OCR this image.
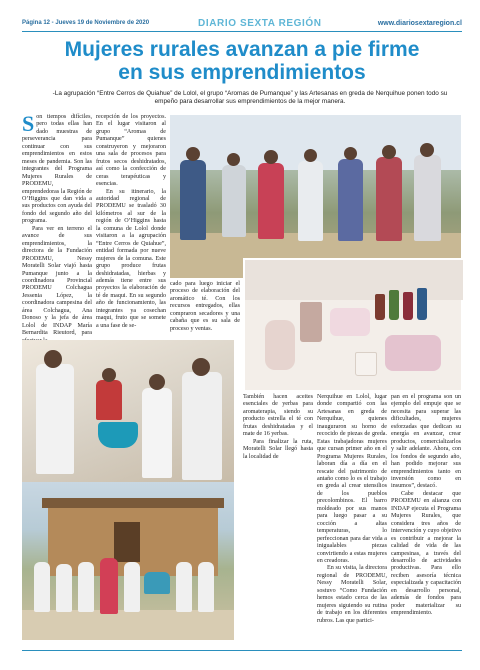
Página 12 - Jueves 19 de Noviembre de 2020	DIARIO SEXTA REGIÓN	www.diariosextaregion.cl
Mujeres rurales avanzan a pie firme
en sus emprendimientos
-La agrupación “Entre Cerros de Quiahue” de Lolol, el grupo “Aromas de Pumanque” y las Artesanas en greda de Nerquihue ponen todo su empeño para desarrollar sus emprendimientos de la mejor manera.

Son tiempos difíciles, pero todas ellas han dado muestras de perseverancia para continuar con sus emprendimientos en estos meses de pandemia. Son las integrantes del Programa Mujeres Rurales de PRODEMU, emprendedoras la Región de O’Higgins que dan vida a sus productos con ayuda del fondo del segundo año del programa.

Para ver en terreno el avance de sus emprendimientos, la directora de la Fundación PRODEMU, Nessy Moratelli Solar viajó hasta Pumanque junto a la coordinadora Provincial PRODEMU Colchagua Jessenia López, la coordinadora campesina del área Colchagua, Ana Donoso y la jefa de área Lolol de INDAP María Bernardita Rieutord, para

recepción de los proyectos. En el lugar visitaron al grupo “Aromas de Pumanque” quienes construyeron y mejoraron una sala de procesos para frutos secos deshidratados, así como la confección de ceras terapéuticas y esencias.

En su itinerario, la autoridad regional de PRODEMU se trasladó 30 kilómetros al sur de la región de O’Higgins hasta la comuna de Lolol donde visitaron a la agrupación “Entre Cerros de Quiahue”, entidad formada por nueve mujeres de la comuna. Este grupo produce frutas deshidratadas, hierbas y además tiene entre sus proyectos la elaboración de té de maqui. En su segundo año de funcionamiento, las integrantes ya cosechan maqui, fruto que se somete a una fase de se-

cado para luego iniciar el proceso de elaboración del aromático té. Con los recursos entregados, ellas compraron secadores y una cabaña que es su sala de proceso y ventas.

También hacen aceites esenciales de yerbas para aromaterapia, siendo su producto estrella el té con frutas deshidratadas y el mate de 16 yerbas.

Para finalizar la ruta, Moratelli Solar llegó hasta la localidad de

Nerquihue en Lolol, lugar donde compartió con las Artesanas en greda de Nerquihue, quienes inauguraron su horno de recocido de piezas de greda. Estas trabajadoras mujeres que cursan primer año en el Programa Mujeres Rurales, laboran día a día en el rescate del patrimonio de antaño como lo es el trabajo en greda al crear utensilios de los pueblos precolombinos. El barro moldeado por sus manos para luego pasar a su cocción a altas temperaturas, lo perfeccionan para dar vida a inigualables piezas convirtiendo a estas mujeres en creadoras.

En su visita, la directora regional de PRODEMU, Nessy Moratelli Solar, sostuvo “Como Fundación hemos estado cerca de las mujeres siguiendo su rutina de trabajo en los diferentes rubros. Las que partici-

pan en el programa son un ejemplo del empuje que se necesita para superar las dificultades, mujeres esforzadas que dedican su energía en avanzar, crear productos, comercializarlos y salir adelante. Ahora, con los fondos de segundo año, han podido mejorar sus emprendimientos tanto en inversión como en insumos”, destacó.

Cabe destacar que PRODEMU en alianza con INDAP ejecuta el Programa Mujeres Rurales, que considera tres años de intervención y cuyo objetivo es contribuir a mejorar la calidad de vida de las campesinas, a través del desarrollo de actividades productivas. Para ello reciben asesoría técnica especializada y capacitación en desarrollo personal, además de fondos para poder materializar su emprendimiento.
